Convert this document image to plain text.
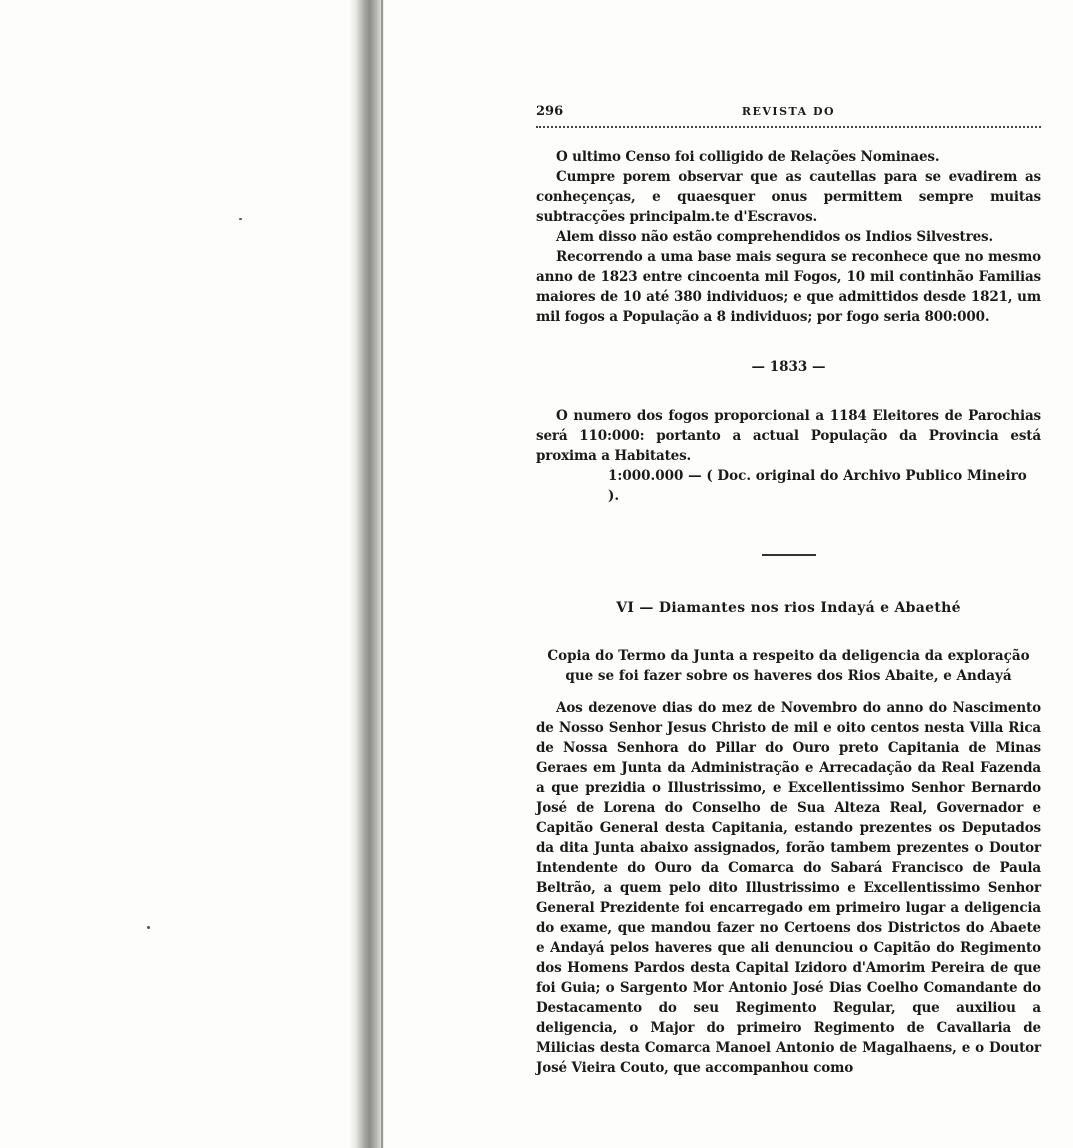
296	REVISTA DO

O ultimo Censo foi colligido de Relações Nominaes.

Cumpre porem observar que as cautellas para se evadirem as conheçenças, e quaesquer onus permittem sempre muitas subtracções principalm.te d'Escravos.

Alem disso não estão comprehendidos os Indios Silvestres.

Recorrendo a uma base mais segura se reconhece que no mesmo anno de 1823 entre cincoenta mil Fogos, 10 mil continhão Familias maiores de 10 até 380 individuos; e que admittidos desde 1821, um mil fogos a População a 8 individuos; por fogo seria 800:000.

— 1833 —

O numero dos fogos proporcional a 1184 Eleitores de Parochias será 110:000: portanto a actual População da Provincia está proxima a Habitates.

1:000.000 — ( Doc. original do Archivo Publico Mineiro ).

VI — Diamantes nos rios Indayá e Abaethé
Copia do Termo da Junta a respeito da deligencia da exploração que se foi fazer sobre os haveres dos Rios Abaite, e Andayá

Aos dezenove dias do mez de Novembro do anno do Nascimento de Nosso Senhor Jesus Christo de mil e oito centos nesta Villa Rica de Nossa Senhora do Pillar do Ouro preto Capitania de Minas Geraes em Junta da Administração e Arrecadação da Real Fazenda a que prezidia o Illustrissimo, e Excellentissimo Senhor Bernardo José de Lorena do Conselho de Sua Alteza Real, Governador e Capitão General desta Capitania, estando prezentes os Deputados da dita Junta abaixo assignados, forão tambem prezentes o Doutor Intendente do Ouro da Comarca do Sabará Francisco de Paula Beltrão, a quem pelo dito Illustrissimo e Excellentissimo Senhor General Prezidente foi encarregado em primeiro lugar a deligencia do exame, que mandou fazer no Certoens dos Districtos do Abaete e Andayá pelos haveres que ali denunciou o Capitão do Regimento dos Homens Pardos desta Capital Izidoro d'Amorim Pereira de que foi Guia; o Sargento Mor Antonio José Dias Coelho Comandante do Destacamento do seu Regimento Regular, que auxiliou a deligencia, o Major do primeiro Regimento de Cavallaria de Milicias desta Comarca Manoel Antonio de Magalhaens, e o Doutor José Vieira Couto, que accompanhou como
